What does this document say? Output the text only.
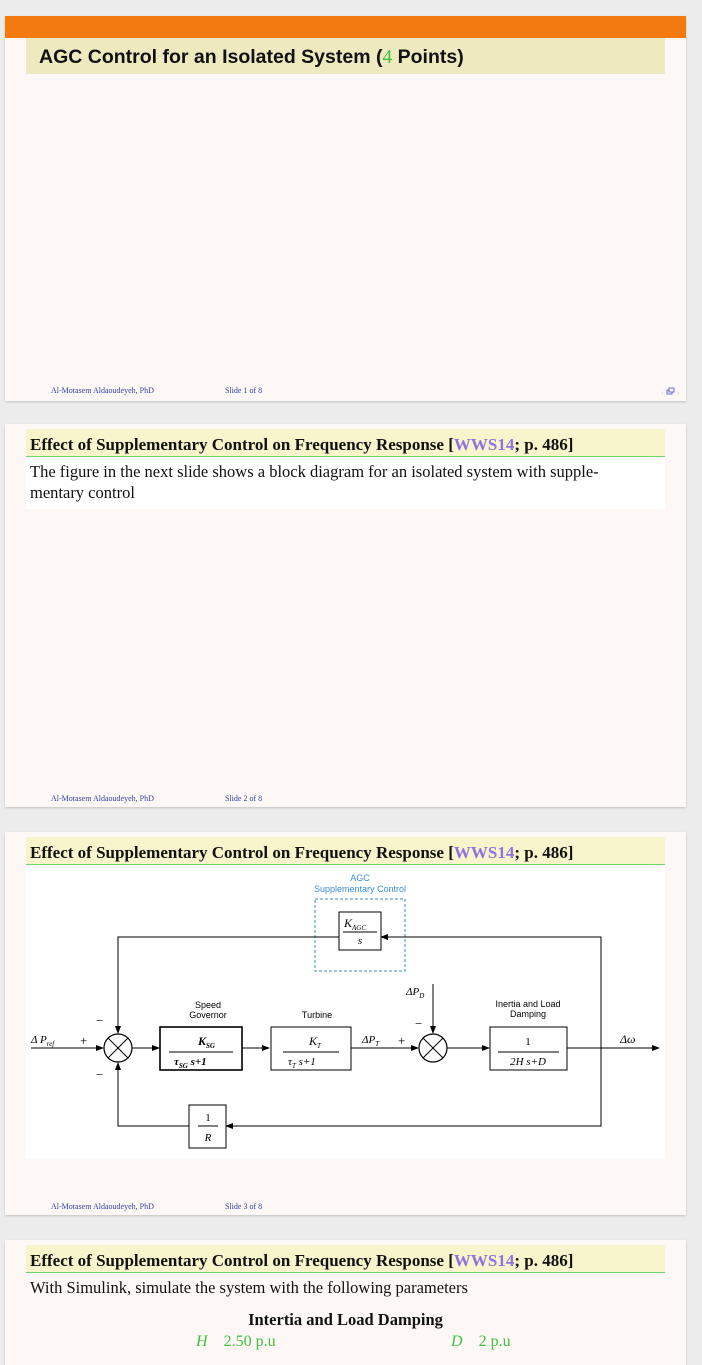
AGC Control for an Isolated System (4 Points)
Al-Motasem Aldaoudeyeh, PhD	Slide 1 of 8	‹ ›
Effect of Supplementary Control on Frequency Response [WWS14; p. 486]
The figure in the next slide shows a block diagram for an isolated system with supple-
mentary control
Al-Motasem Aldaoudeyeh, PhD	Slide 2 of 8
Effect of Supplementary Control on Frequency Response [WWS14; p. 486]
AGC
Supplementary Control
$K_{AGC}$
s
Δ $P_{ref}$ +
−
−
Speed
Governor
$K_{SG}$
$\tau_{SG}$ s+1
Turbine
$K_T$
$\tau_T$ s+1
$\Delta P_T$ +
$\Delta P_D$
−
Inertia and Load
Damping
1
2H s+D
Δω
1
R
Al-Motasem Aldaoudeyeh, PhD	Slide 3 of 8
Effect of Supplementary Control on Frequency Response [WWS14; p. 486]
With Simulink, simulate the system with the following parameters
Intertia and Load Damping
H 2.50 p.u	D 2 p.u
